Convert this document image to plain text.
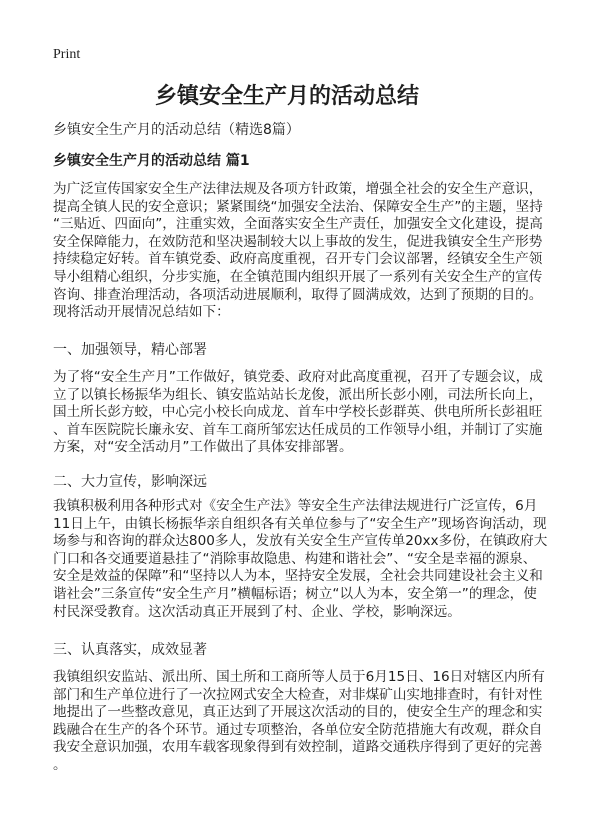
Print
乡镇安全生产月的活动总结
乡镇安全生产月的活动总结（精选8篇）
乡镇安全生产月的活动总结 篇1
为广泛宣传国家安全生产法律法规及各项方针政策，增强全社会的安全生产意识，
提高全镇人民的安全意识；紧紧围绕“加强安全法治、保障安全生产”的主题，坚持
“三贴近、四面向”，注重实效，全面落实安全生产责任，加强安全文化建设，提高
安全保障能力，在效防范和坚决遏制较大以上事故的发生，促进我镇安全生产形势
持续稳定好转。首车镇党委、政府高度重视，召开专门会议部署，经镇安全生产领
导小组精心组织，分步实施，在全镇范围内组织开展了一系列有关安全生产的宣传
咨询、排查治理活动，各项活动进展顺利，取得了圆满成效，达到了预期的目的。
现将活动开展情况总结如下：
一、加强领导，精心部署
为了将“安全生产月”工作做好，镇党委、政府对此高度重视，召开了专题会议，成
立了以镇长杨振华为组长、镇安监站站长龙俊，派出所长彭小刚，司法所长向上，
国土所长彭方蛟，中心完小校长向成龙、首车中学校长彭群英、供电所所长彭祖旺
、首车医院院长廉永安、首车工商所邹宏达任成员的工作领导小组，并制订了实施
方案，对“安全活动月”工作做出了具体安排部署。
二、大力宣传，影响深远
我镇积极利用各种形式对《安全生产法》等安全生产法律法规进行广泛宣传，6月
11日上午，由镇长杨振华亲自组织各有关单位参与了“安全生产”现场咨询活动，现
场参与和咨询的群众达800多人，发放有关安全生产宣传单20xx多份，在镇政府大
门口和各交通要道悬挂了“消除事故隐患、构建和谐社会”、“安全是幸福的源泉、
安全是效益的保障”和“坚持以人为本，坚持安全发展，全社会共同建设社会主义和
谐社会”三条宣传“安全生产月”横幅标语；树立“以人为本，安全第一”的理念，使
村民深受教育。这次活动真正开展到了村、企业、学校，影响深远。
三、认真落实，成效显著
我镇组织安监站、派出所、国土所和工商所等人员于6月15日、16日对辖区内所有
部门和生产单位进行了一次拉网式安全大检查，对非煤矿山实地排查时，有针对性
地提出了一些整改意见，真正达到了开展这次活动的目的，使安全生产的理念和实
践融合在生产的各个环节。通过专项整治，各单位安全防范措施大有改观，群众自
我安全意识加强，农用车载客现象得到有效控制，道路交通秩序得到了更好的完善
。
